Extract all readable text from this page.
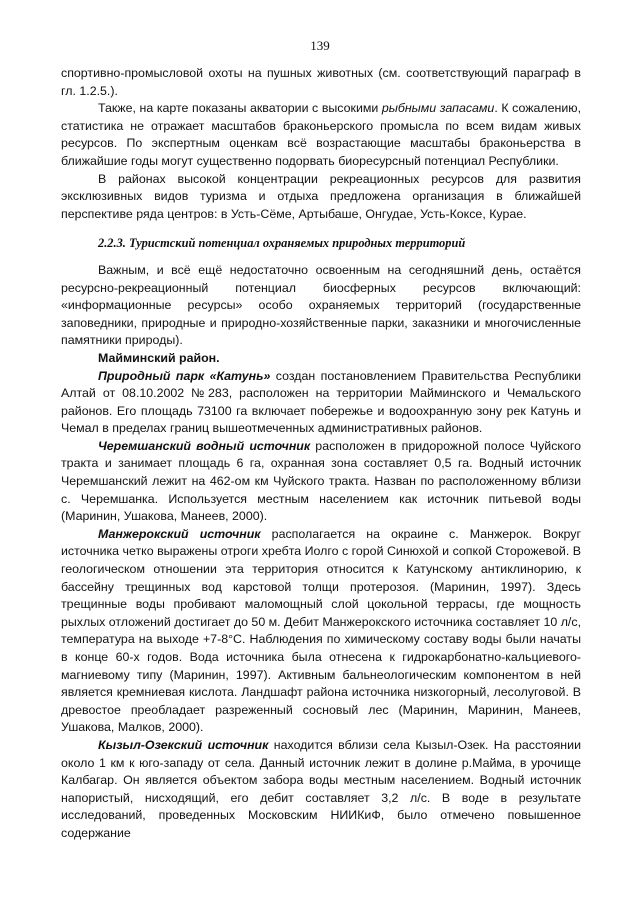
139

спортивно-промысловой охоты на пушных животных (см. соответствующий параграф в гл. 1.2.5.).

Также, на карте показаны акватории с высокими рыбными запасами. К сожалению, статистика не отражает масштабов браконьерского промысла по всем видам живых ресурсов. По экспертным оценкам всё возрастающие масштабы браконьерства в ближайшие годы могут существенно подорвать биоресурсный потенциал Республики.

В районах высокой концентрации рекреационных ресурсов для развития эксклюзивных видов туризма и отдыха предложена организация в ближайшей перспективе ряда центров: в Усть-Сёме, Артыбаше, Онгудае, Усть-Коксе, Курае.

2.2.3. Туристский потенциал охраняемых природных территорий

Важным, и всё ещё недостаточно освоенным на сегодняшний день, остаётся ресурсно-рекреационный потенциал биосферных ресурсов включающий: «информационные ресурсы» особо охраняемых территорий (государственные заповедники, природные и природно-хозяйственные парки, заказники и многочисленные памятники природы).

Майминский район.

Природный парк «Катунь» создан постановлением Правительства Республики Алтай от 08.10.2002 №283, расположен на территории Майминского и Чемальского районов. Его площадь 73100 га включает побережье и водоохранную зону рек Катунь и Чемал в пределах границ вышеотмеченных административных районов.

Черемшанский водный источник расположен в придорожной полосе Чуйского тракта и занимает площадь 6 га, охранная зона составляет 0,5 га. Водный источник Черемшанский лежит на 462-ом км Чуйского тракта. Назван по расположенному вблизи с. Черемшанка. Используется местным населением как источник питьевой воды (Маринин, Ушакова, Манеев, 2000).

Манжерокский источник располагается на окраине с. Манжерок. Вокруг источника четко выражены отроги хребта Иолго с горой Синюхой и сопкой Сторожевой. В геологическом отношении эта территория относится к Катунскому антиклинорию, к бассейну трещинных вод карстовой толщи протерозоя. (Маринин, 1997). Здесь трещинные воды пробивают маломощный слой цокольной террасы, где мощность рыхлых отложений достигает до 50 м. Дебит Манжерокского источника составляет 10 л/с, температура на выходе +7-8°С. Наблюдения по химическому составу воды были начаты в конце 60-х годов. Вода источника была отнесена к гидрокарбонатно-кальциевого-магниевому типу (Маринин, 1997). Активным бальнеологическим компонентом в ней является кремниевая кислота. Ландшафт района источника низкогорный, лесолуговой. В древостое преобладает разреженный сосновый лес (Маринин, Маринин, Манеев, Ушакова, Малков, 2000).

Кызыл-Озекский источник находится вблизи села Кызыл-Озек. На расстоянии около 1 км к юго-западу от села. Данный источник лежит в долине р.Майма, в урочище Калбагар. Он является объектом забора воды местным населением. Водный источник напористый, нисходящий, его дебит составляет 3,2 л/с. В воде в результате исследований, проведенных Московским НИИКиФ, было отмечено повышенное содержание
